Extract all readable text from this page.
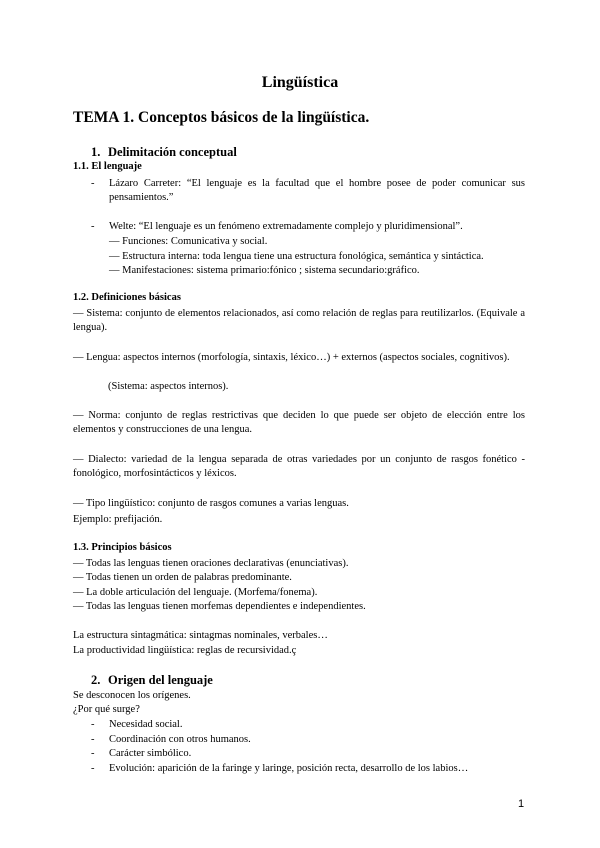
Lingüística
TEMA 1. Conceptos básicos de la lingüística.
1. Delimitación conceptual
1.1. El lenguaje
- Lázaro Carreter: “El lenguaje es la facultad que el hombre posee de poder comunicar sus pensamientos.”
- Welte: “El lenguaje es un fenómeno extremadamente complejo y pluridimensional”.
— Funciones: Comunicativa y social.
— Estructura interna: toda lengua tiene una estructura fonológica, semántica y sintáctica.
— Manifestaciones: sistema primario:fónico ; sistema secundario:gráfico.
1.2. Definiciones básicas
— Sistema: conjunto de elementos relacionados, así como relación de reglas para reutilizarlos. (Equivale a lengua).
— Lengua: aspectos internos (morfología, sintaxis, léxico…) + externos (aspectos sociales, cognitivos).
(Sistema: aspectos internos).
— Norma: conjunto de reglas restrictivas que deciden lo que puede ser objeto de elección entre los elementos y construcciones de una lengua.
— Dialecto: variedad de la lengua separada de otras variedades por un conjunto de rasgos fonético - fonológico, morfosintácticos y léxicos.
— Tipo lingüístico: conjunto de rasgos comunes a varias lenguas.
Ejemplo: prefijación.
1.3. Principios básicos
— Todas las lenguas tienen oraciones declarativas (enunciativas).
— Todas tienen un orden de palabras predominante.
— La doble articulación del lenguaje. (Morfema/fonema).
— Todas las lenguas tienen morfemas dependientes e independientes.
La estructura sintagmática: sintagmas nominales, verbales…
La productividad lingüística: reglas de recursividad.ç
2. Origen del lenguaje
Se desconocen los orígenes.
¿Por qué surge?
- Necesidad social.
- Coordinación con otros humanos.
- Carácter simbólico.
- Evolución: aparición de la faringe y laringe, posición recta, desarrollo de los labios…
1
